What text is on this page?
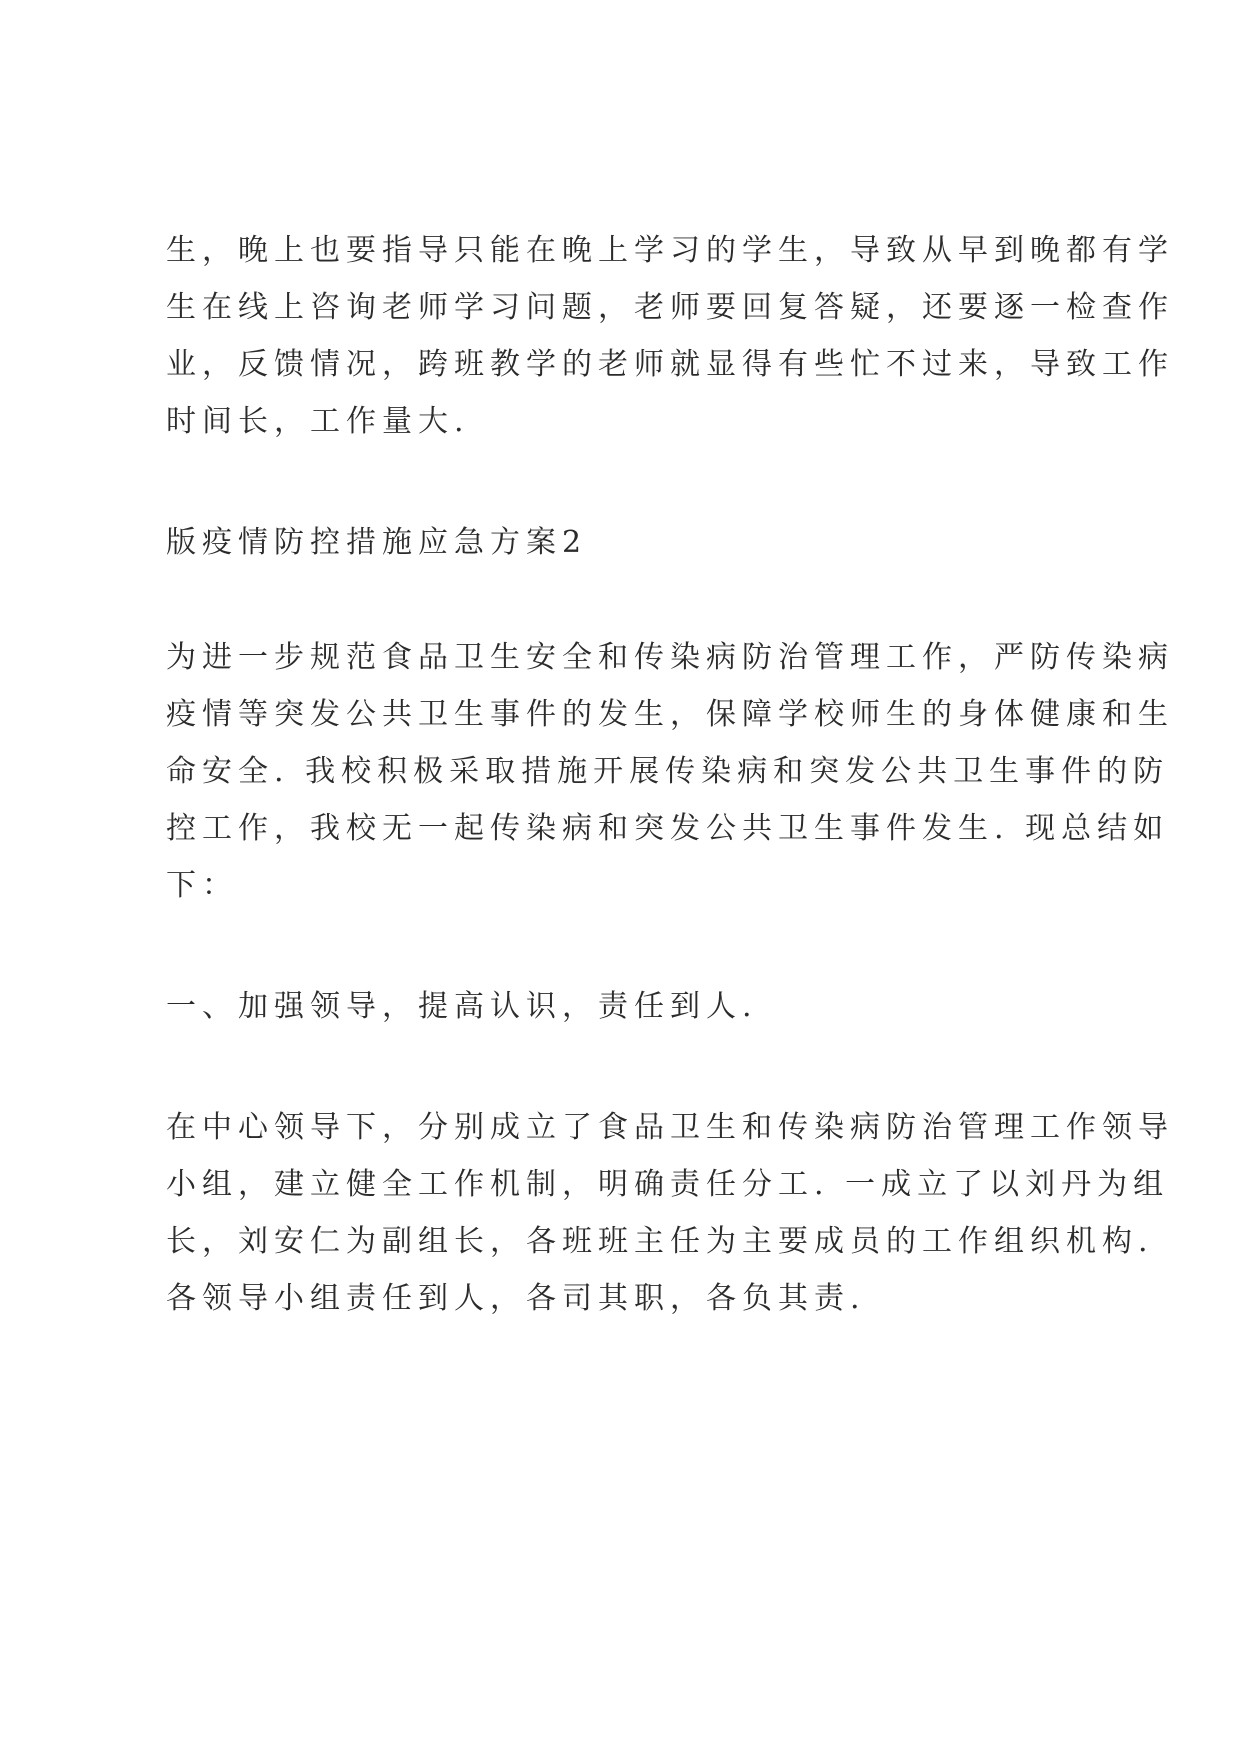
生，晚上也要指导只能在晚上学习的学生，导致从早到晚都有学
生在线上咨询老师学习问题，老师要回复答疑，还要逐一检查作
业，反馈情况，跨班教学的老师就显得有些忙不过来，导致工作
时间长，工作量大.

版疫情防控措施应急方案2

为进一步规范食品卫生安全和传染病防治管理工作，严防传染病
疫情等突发公共卫生事件的发生，保障学校师生的身体健康和生
命安全. 我校积极采取措施开展传染病和突发公共卫生事件的防
控工作，我校无一起传染病和突发公共卫生事件发生. 现总结如
下：

一、加强领导，提高认识，责任到人.

在中心领导下，分别成立了食品卫生和传染病防治管理工作领导
小组，建立健全工作机制，明确责任分工. 一成立了以刘丹为组
长，刘安仁为副组长，各班班主任为主要成员的工作组织机构.
各领导小组责任到人，各司其职，各负其责.
